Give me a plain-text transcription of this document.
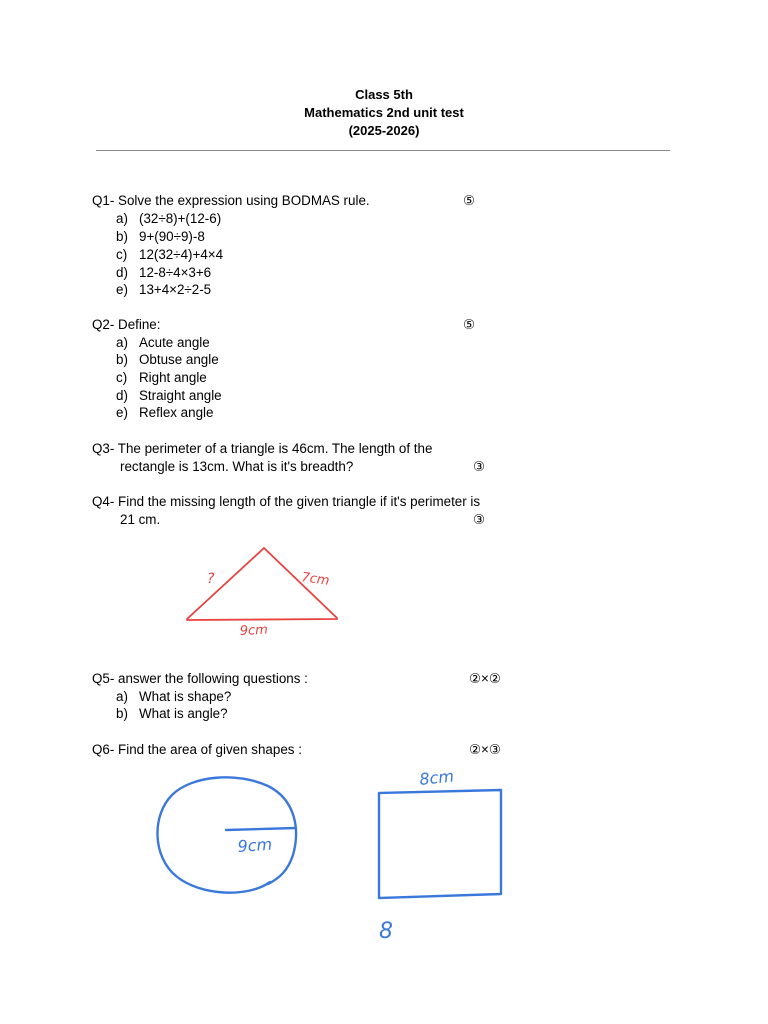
Class 5th
Mathematics 2nd unit test
(2025-2026)
Q1- Solve the expression using BODMAS rule.	⑤
a) (32÷8)+(12-6)
b) 9+(90÷9)-8
c) 12(32÷4)+4×4
d) 12-8÷4×3+6
e) 13+4×2÷2-5
Q2- Define:	⑤
a) Acute angle
b) Obtuse angle
c) Right angle
d) Straight angle
e) Reflex angle
Q3- The perimeter of a triangle is 46cm. The length of the
rectangle is 13cm. What is it's breadth?	③
Q4- Find the missing length of the given triangle if it's perimeter is
21 cm.	③
?	7cm
9cm
Q5- answer the following questions :	②×②
a) What is shape?
b) What is angle?
Q6- Find the area of given shapes :	②×③
9cm
8cm
8
